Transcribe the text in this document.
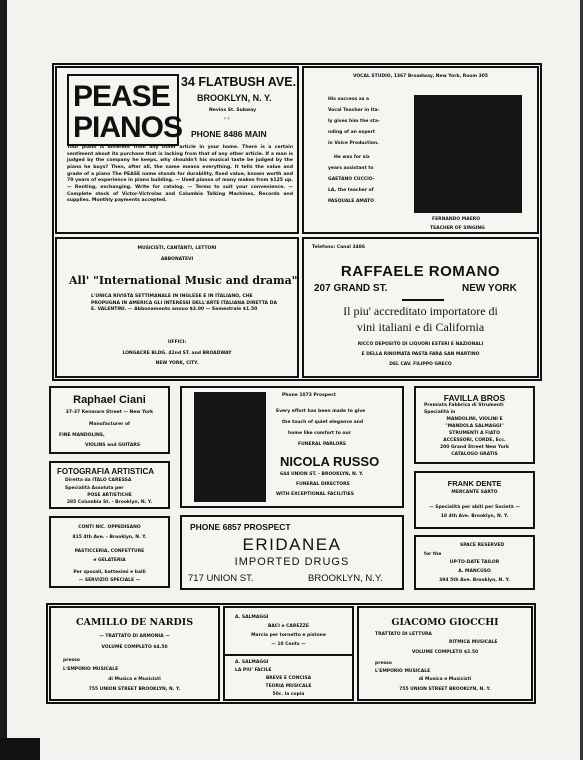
PEASE
PIANOS
34 FLATBUSH AVE.,
BROOKLYN, N. Y.
Nevins St. Subway
✧✧
PHONE 8486 MAIN
Your piano is different from any other article in your home. There is a certain sentiment about its purchase that is lacking from that of any other article. If a man is judged by the company he keeps, why shouldn't his musical taste be judged by the piano he buys? Then, after all, the name means everything. It tells the value and grade of a piano The PEASE name stands for durability, fixed value, known worth and 70 years of experience in piano building. — Used pianos of many makes from $125 up. — Renting, exchanging. Write for catalog. — Terms to suit your convenience. — Complete stock of Victor-Victrolas and Columbia Talking Machines, Records and supplies. Monthly payments accepted.
VOCAL STUDIO, 1367 Broadway, New York, Room 305
His success as a
Vocal Teacher in Ita-
ly gives him the sta-
nding of an expert
in Voice Production.
He was for six
years assistant to
GAETANO CUCCIO-
LA, the teacher of
PASQUALE AMATO
FERNANDO MAERO
TEACHER OF SINGING
MUSICISTI, CANTANTI, LETTORI
ABBONATEVI
All' "International Music and drama"
L'UNICA RIVISTA SETTIMANALE IN INGLESE E IN ITALIANO, CHE PROPUGNA IN AMERICA GLI INTERESSI DELL'ARTE ITALIANA DIRETTA DA E. VALENTINI. — Abbonamento annuo $3.00 — Semestrale $1.50
UFFICI:
LONGACRE BLDG. 42nd ST. and BROADWAY
NEW YORK, CITY.
Telefono: Canal 3486
RAFFAELE ROMANO
207 GRAND ST.	NEW YORK
Il piu' accreditato importatore di
vini italiani e di California
RICCO DEPOSITO DI LIQUORI ESTERI E NAZIONALI
E DELLA RINOMATA PASTA FARA SAN MARTINO
DEL CAV. FILIPPO GRECO
Raphael Ciani
37-37 Kenmare Street — New York
Manufacturer of
FINE MANDOLINS,
VIOLINS and GUITARS
FOTOGRAFIA ARTISTICA
Diretta da ITALO CARESSA
Specialità Assoluta per
POSE ARTISTICHE
285 Columbia St. - Brooklyn, N. Y.
CONTI NIC. OPPEDISANO
815 4th Ave. - Brooklyn, N. Y.
PASTICCERIA, CONFETTURE
e GELATERIA
Per sposali, battesimi e balli
— SERVIZIO SPECIALE —
Phone 1073 Prospect
Every effort has been made to give
the touch of quiet elegance and
home like comfort to our
FUNERAL PARLORS
NICOLA RUSSO
644 UNION ST. - BROOKLYN, N. Y.
FUNERAL DIRECTORS
WITH EXCEPTIONAL FACILITIES
PHONE 6857 PROSPECT
ERIDANEA
IMPORTED DRUGS
717 UNION ST.	BROOKLYN, N.Y.
FAVILLA BROS
Premiata Fabbrica di Strumenti
Specialità in
MANDOLINI, VIOLINI E
"MANDOLA SALMAGGI"
STRUMENTI A FIATO
ACCESSORI, CORDE, Ecc.
200 Grand Street New York
CATALOGO GRATIS
FRANK DENTE
MERCANTE SARTO
— Specialità per abiti per Società —
18 4th Ave. Brooklyn, N. Y.
SPACE RESERVED
for the
UP-TO-DATE TAILOR
A. MANCUSO
394 5th Ave. Brooklyn, N. Y.
CAMILLO DE NARDIS
— TRATTATO DI ARMONIA —
VOLUME COMPLETO $4.50
presso
L'EMPORIO MUSICALE
di Musica e Musicisti
755 UNION STREET BROOKLYN, N. Y.
A. SALMAGGI
BACI e CAREZZE
Marcia per tornetto e pistone
— 10 Cents —
A. SALMAGGI
LA PIU' FACILE
BREVE E CONCISA
TEORIA MUSICALE
50c. la copia
GIACOMO GIOCCHI
TRATTATO DI LETTURA
RITMICA MUSICALE
VOLUME COMPLETO $2.50
presso
L'EMPORIO MUSICALE
di Musica e Musicisti
755 UNION STREET BROOKLYN, N. Y.
